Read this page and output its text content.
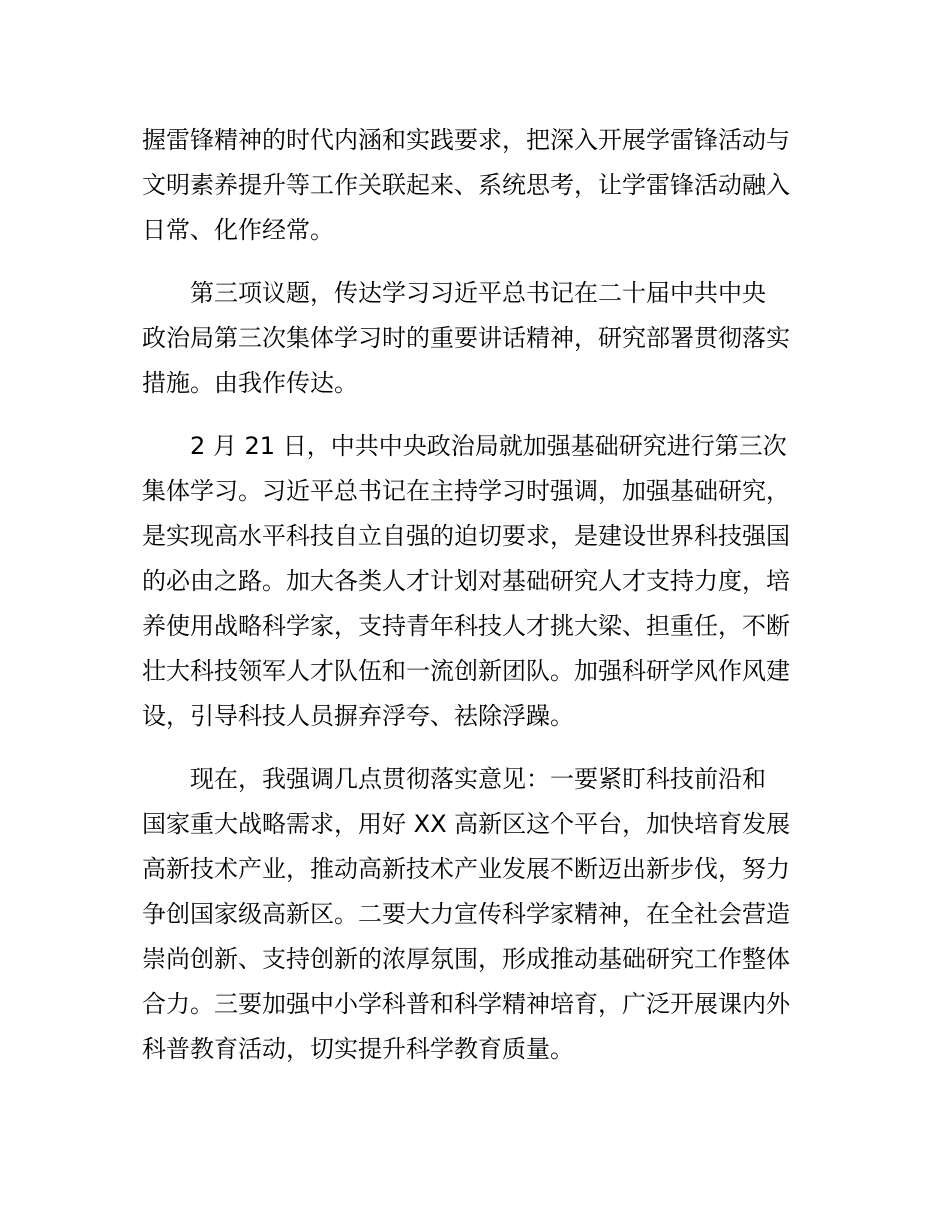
握雷锋精神的时代内涵和实践要求，把深入开展学雷锋活动与
文明素养提升等工作关联起来、系统思考，让学雷锋活动融入
日常、化作经常。
第三项议题，传达学习习近平总书记在二十届中共中央
政治局第三次集体学习时的重要讲话精神，研究部署贯彻落实
措施。由我作传达。
2 月 21 日，中共中央政治局就加强基础研究进行第三次
集体学习。习近平总书记在主持学习时强调，加强基础研究，
是实现高水平科技自立自强的迫切要求，是建设世界科技强国
的必由之路。加大各类人才计划对基础研究人才支持力度，培
养使用战略科学家，支持青年科技人才挑大梁、担重任，不断
壮大科技领军人才队伍和一流创新团队。加强科研学风作风建
设，引导科技人员摒弃浮夸、祛除浮躁。
现在，我强调几点贯彻落实意见：一要紧盯科技前沿和
国家重大战略需求，用好 XX 高新区这个平台，加快培育发展
高新技术产业，推动高新技术产业发展不断迈出新步伐，努力
争创国家级高新区。二要大力宣传科学家精神，在全社会营造
崇尚创新、支持创新的浓厚氛围，形成推动基础研究工作整体
合力。三要加强中小学科普和科学精神培育，广泛开展课内外
科普教育活动，切实提升科学教育质量。
